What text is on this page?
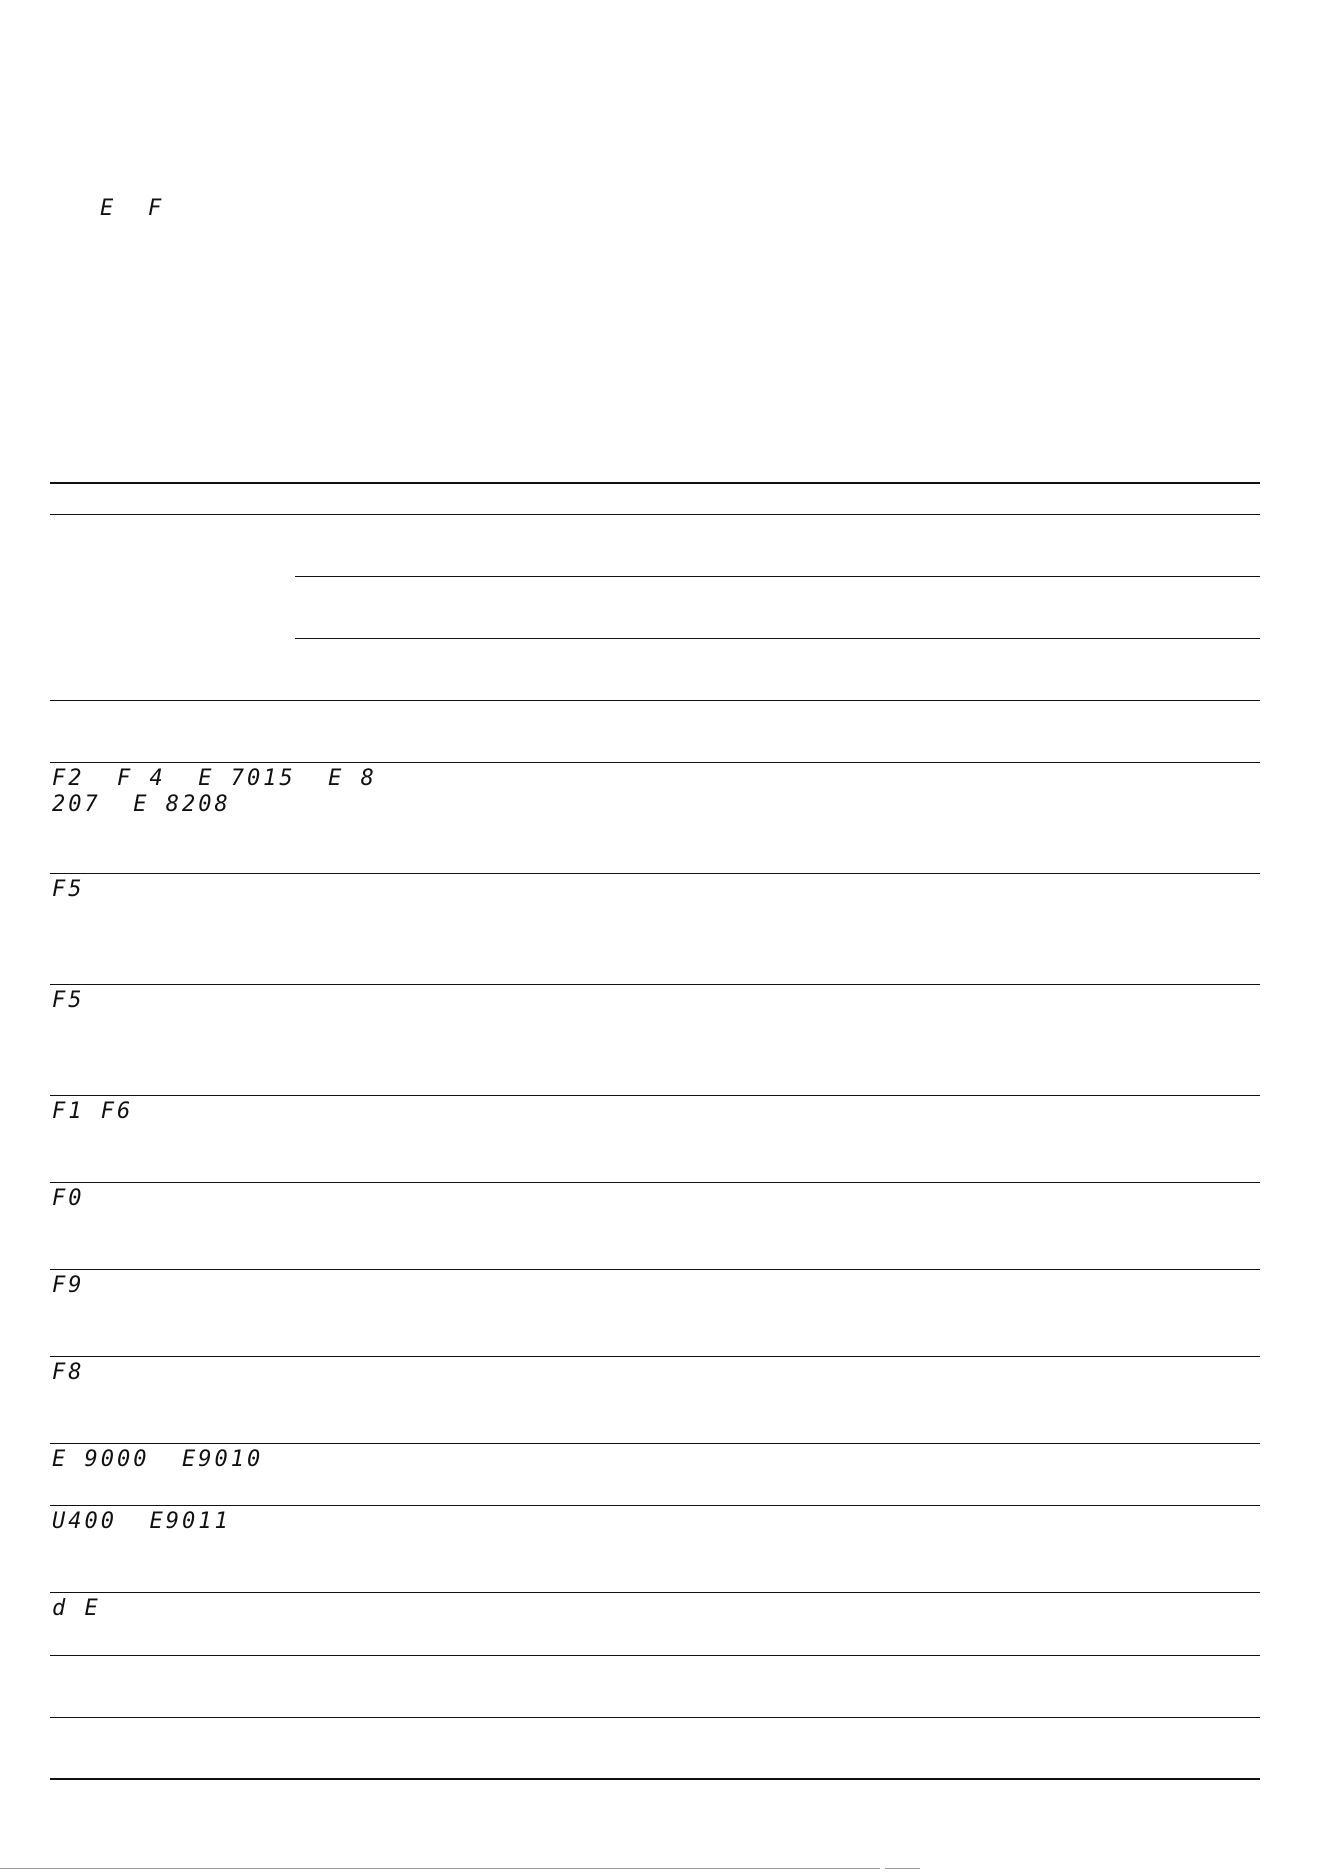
E F
F2  F 4  E 7015  E 8
207  E 8208
F5
F5
F1 F6
F0
F9
F8
E 9000  E9010
U400  E9011
d E
